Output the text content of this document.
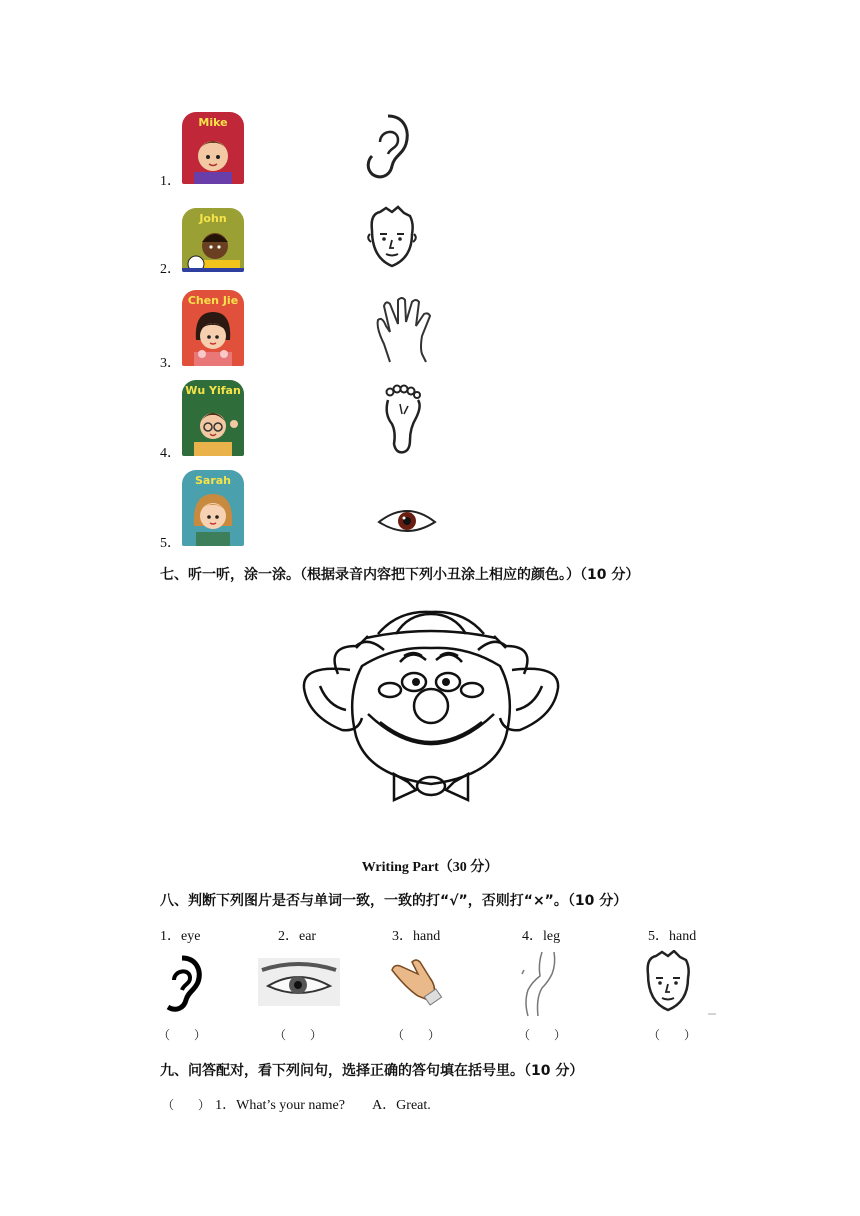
1．
Mike
2．
John
3．
Chen Jie
4．
Wu Yifan
5．
Sarah
七、听一听，涂一涂。（根据录音内容把下列小丑涂上相应的颜色。）（10 分）
Writing Part（30 分）
八、判断下列图片是否与单词一致，一致的打“√”，否则打“×”。（10 分）
1．eye	2．ear	3．hand	4．leg	5．hand
（　　）	（　　）	（　　）	（　　）	（　　）
九、问答配对，看下列问句，选择正确的答句填在括号里。（10 分）
（　　） 1．What’s your name? A．Great.
